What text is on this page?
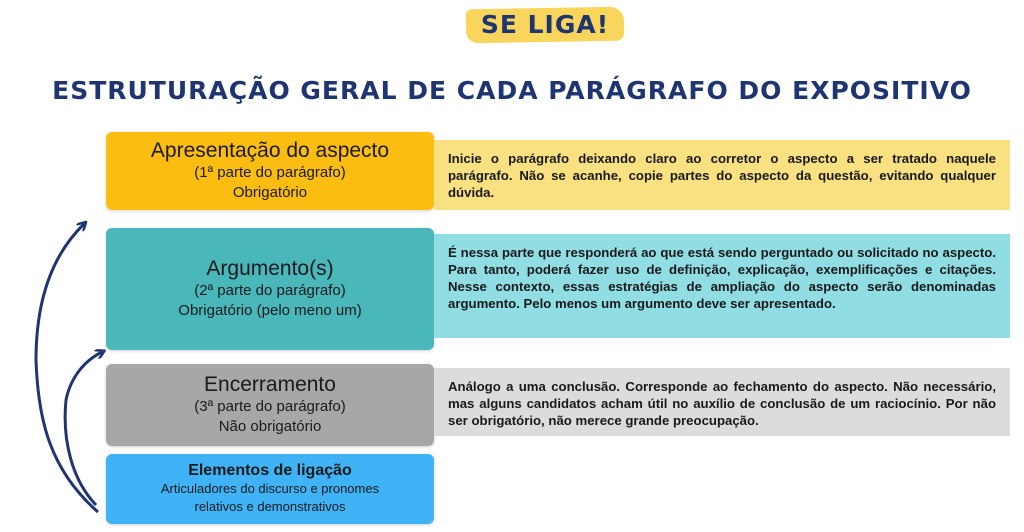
SE LIGA!
ESTRUTURAÇÃO GERAL DE CADA PARÁGRAFO DO EXPOSITIVO
Apresentação do aspecto
(1ª parte do parágrafo)
Obrigatório
Inicie o parágrafo deixando claro ao corretor o aspecto a ser tratado naquele parágrafo. Não se acanhe, copie partes do aspecto da questão, evitando qualquer dúvida.
Argumento(s)
(2ª parte do parágrafo)
Obrigatório (pelo meno um)
É nessa parte que responderá ao que está sendo perguntado ou solicitado no aspecto. Para tanto, poderá fazer uso de definição, explicação, exemplificações e citações. Nesse contexto, essas estratégias de ampliação do aspecto serão denominadas argumento. Pelo menos um argumento deve ser apresentado.
Encerramento
(3ª parte do parágrafo)
Não obrigatório
Análogo a uma conclusão. Corresponde ao fechamento do aspecto. Não necessário, mas alguns candidatos acham útil no auxílio de conclusão de um raciocínio. Por não ser obrigatório, não merece grande preocupação.
Elementos de ligação
Articuladores do discurso e pronomes relativos e demonstrativos
